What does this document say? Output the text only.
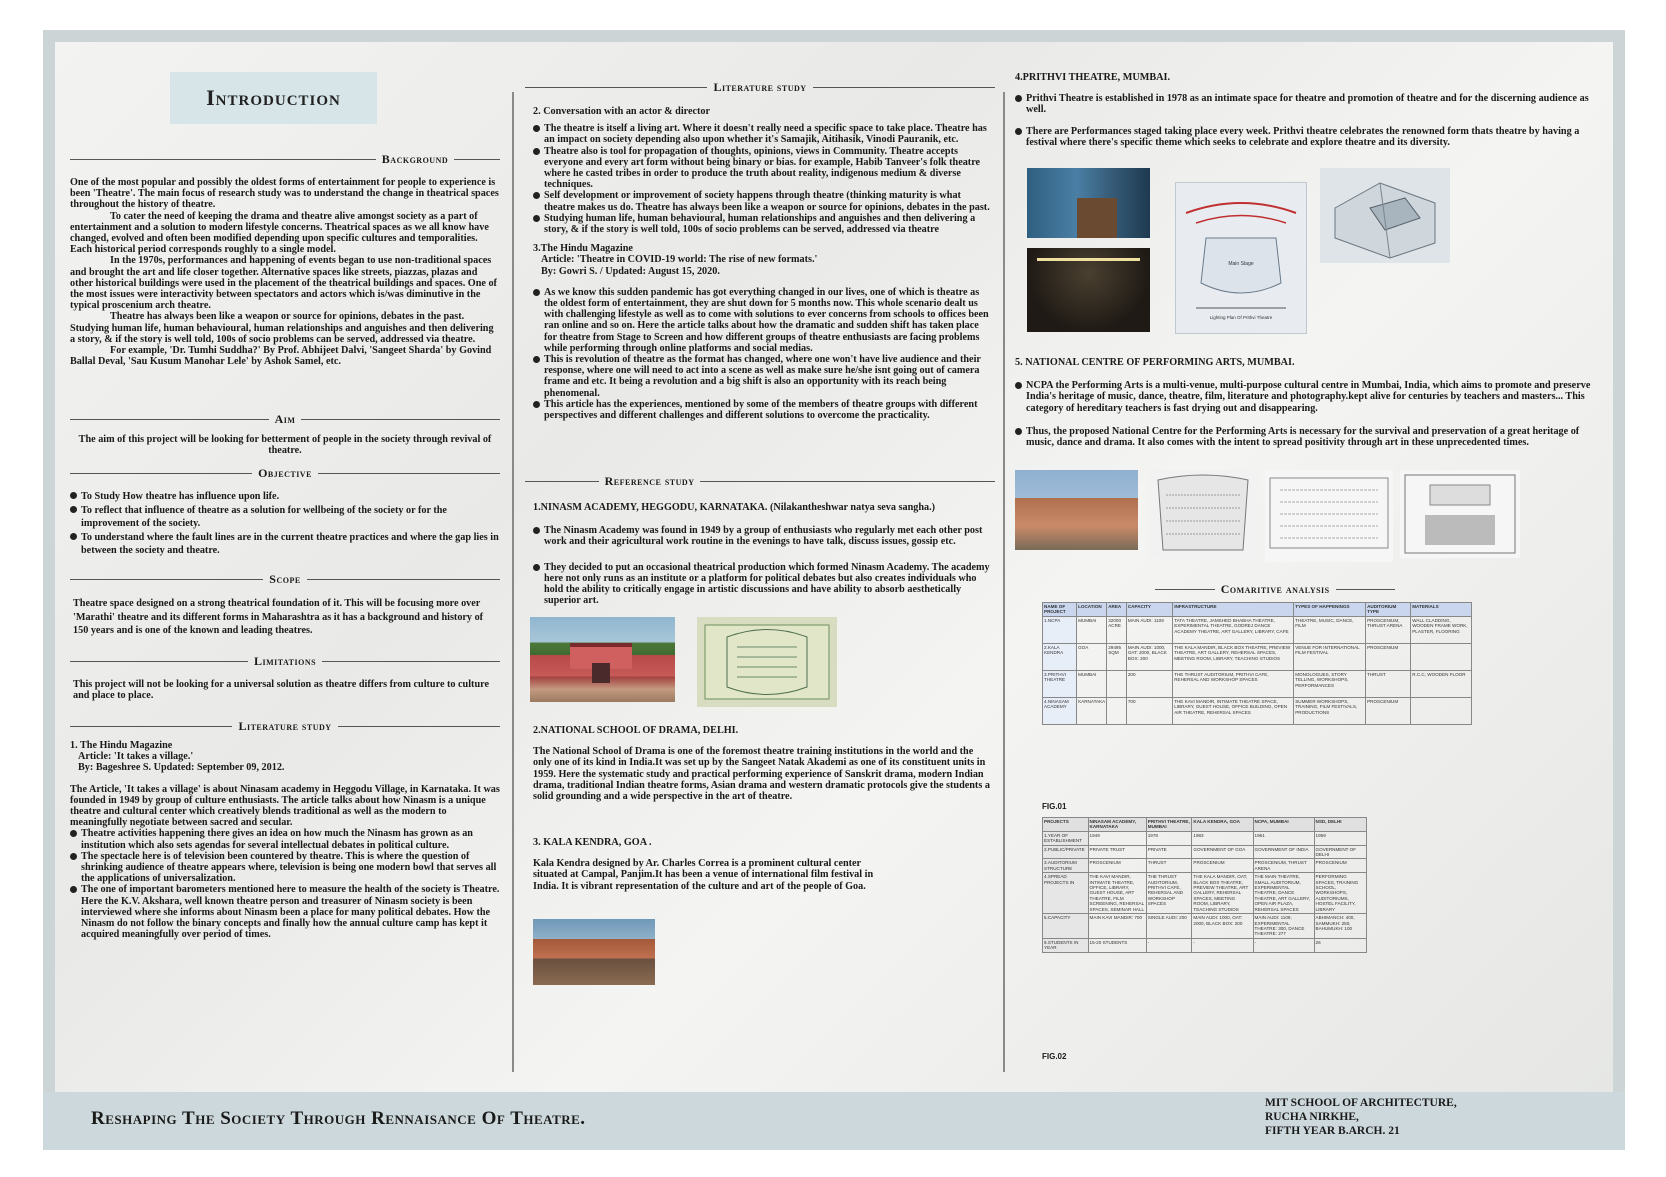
Introduction
Background

One of the most popular and possibly the oldest forms of entertainment for people to experience is been 'Theatre'. The main focus of research study was to understand the change in theatrical spaces throughout the history of theatre.

To cater the need of keeping the drama and theatre alive amongst society as a part of entertainment and a solution to modern lifestyle concerns. Theatrical spaces as we all know have changed, evolved and often been modified depending upon specific cultures and temporalities. Each historical period corresponds roughly to a single model.

In the 1970s, performances and happening of events began to use non-traditional spaces and brought the art and life closer together. Alternative spaces like streets, piazzas, plazas and other historical buildings were used in the placement of the theatrical buildings and spaces. One of the most issues were interactivity between spectators and actors which is/was diminutive in the typical proscenium arch theatre.

Theatre has always been like a weapon or source for opinions, debates in the past. Studying human life, human behavioural, human relationships and anguishes and then delivering a story, & if the story is well told, 100s of socio problems can be served, addressed via theatre.

For example, 'Dr. Tumhi Suddha?' By Prof. Abhijeet Dalvi, 'Sangeet Sharda' by Govind Ballal Deval, 'Sau Kusum Manohar Lele' by Ashok Samel, etc.

Aim
The aim of this project will be looking for betterment of people in the society through revival of theatre.
Objective
To Study How theatre has influence upon life.
To reflect that influence of theatre as a solution for wellbeing of the society or for the improvement of the society.
To understand where the fault lines are in the current theatre practices and where the gap lies in between the society and theatre.
Scope
Theatre space designed on a strong theatrical foundation of it. This will be focusing more over 'Marathi' theatre and its different forms in Maharashtra as it has a background and history of 150 years and is one of the known and leading theatres.
Limitations
This project will not be looking for a universal solution as theatre differs from culture to culture and place to place.
Literature study

1. The Hindu Magazine

Article: 'It takes a village.'

By: Bageshree S. Updated: September 09, 2012.

The Article, 'It takes a village' is about Ninasam academy in Heggodu Village, in Karnataka. It was founded in 1949 by group of culture enthusiasts. The article talks about how Ninasm is a unique theatre and cultural center which creatively blends traditional as well as the modern to meaningfully negotiate between sacred and secular.

Theatre activities happening there gives an idea on how much the Ninasm has grown as an institution which also sets agendas for several intellectual debates in political culture.
The spectacle here is of television been countered by theatre. This is where the question of shrinking audience of theatre appears where, television is being one modern bowl that serves all the applications of universalization.
The one of important barometers mentioned here to measure the health of the society is Theatre. Here the K.V. Akshara, well known theatre person and treasurer of Ninasm society is been interviewed where she informs about Ninasm been a place for many political debates. How the Ninasm do not follow the binary concepts and finally how the annual culture camp has kept it acquired meaningfully over period of times.
Literature study

2. Conversation with an actor & director

The theatre is itself a living art. Where it doesn't really need a specific space to take place. Theatre has an impact on society depending also upon whether it's Samajik, Aitihasik, Vinodi Pauranik, etc.
Theatre also is tool for propagation of thoughts, opinions, views in Community. Theatre accepts everyone and every art form without being binary or bias. for example, Habib Tanveer's folk theatre where he casted tribes in order to produce the truth about reality, indigenous medium & diverse techniques.
Self development or improvement of society happens through theatre (thinking maturity is what theatre makes us do. Theatre has always been like a weapon or source for opinions, debates in the past.
Studying human life, human behavioural, human relationships and anguishes and then delivering a story, & if the story is well told, 100s of socio problems can be served, addressed via theatre

3.The Hindu Magazine

Article: 'Theatre in COVID-19 world: The rise of new formats.'

By: Gowri S. / Updated: August 15, 2020.

As we know this sudden pandemic has got everything changed in our lives, one of which is theatre as the oldest form of entertainment, they are shut down for 5 months now. This whole scenario dealt us with challenging lifestyle as well as to come with solutions to ever concerns from schools to offices been ran online and so on. Here the article talks about how the dramatic and sudden shift has taken place for theatre from Stage to Screen and how different groups of theatre enthusiasts are facing problems while performing through online platforms and social medias.
This is revolution of theatre as the format has changed, where one won't have live audience and their response, where one will need to act into a scene as well as make sure he/she isnt going out of camera frame and etc. It being a revolution and a big shift is also an opportunity with its reach being phenomenal.
This article has the experiences, mentioned by some of the members of theatre groups with different perspectives and different challenges and different solutions to overcome the practicality.
Reference study

1.NINASM ACADEMY, HEGGODU, KARNATAKA. (Nilakantheshwar natya seva sangha.)

The Ninasm Academy was found in 1949 by a group of enthusiasts who regularly met each other post work and their agricultural work routine in the evenings to have talk, discuss issues, gossip etc.
They decided to put an occasional theatrical production which formed Ninasm Academy. The academy here not only runs as an institute or a platform for political debates but also creates individuals who hold the ability to critically engage in artistic discussions and have ability to absorb aesthetically superior art.

2.NATIONAL SCHOOL OF DRAMA, DELHI.

The National School of Drama is one of the foremost theatre training institutions in the world and the only one of its kind in India.It was set up by the Sangeet Natak Akademi as one of its constituent units in 1959. Here the systematic study and practical performing experience of Sanskrit drama, modern Indian drama, traditional Indian theatre forms, Asian drama and western dramatic protocols give the students a solid grounding and a wide perspective in the art of theatre.

3. KALA KENDRA, GOA .

Kala Kendra designed by Ar. Charles Correa is a prominent cultural center situated at Campal, Panjim.It has been a venue of international film festival in India. It is vibrant representation of the culture and art of the people of Goa.

4.PRITHVI THEATRE, MUMBAI.

Prithvi Theatre is established in 1978 as an intimate space for theatre and promotion of theatre and for the discerning audience as well.
There are Performances staged taking place every week. Prithvi theatre celebrates the renowned form thats theatre by having a festival where there's specific theme which seeks to celebrate and explore theatre and its diversity.
Main Stage
Lighting Plan Of Prithvi Theatre

5. NATIONAL CENTRE OF PERFORMING ARTS, MUMBAI.

NCPA the Performing Arts is a multi-venue, multi-purpose cultural centre in Mumbai, India, which aims to promote and preserve India's heritage of music, dance, theatre, film, literature and photography.kept alive for centuries by teachers and masters... This category of hereditary teachers is fast drying out and disappearing.
Thus, the proposed National Centre for the Performing Arts is necessary for the survival and preservation of a great heritage of music, dance and drama. It also comes with the intent to spread positivity through art in these unprecedented times.
Comaritive analysis
NAME OF PROJECT	LOCATION	AREA	CAPACITY	INFRASTRUCTURE	TYPES OF HAPPENINGS	AUDITORIUM TYPE	MATERIALS
1.NCPA	MUMBAI	32000 ACRE	MAIN AUDI: 1109	TATA THEATRE, JAMSHED BHABHA THEATRE, EXPERIMENTAL THEATRE, GODREJ DANCE ACADEMY THEATRE, ART GALLERY, LIBRARY, CAFE	THEATRE, MUSIC, DANCE, FILM	PROSCENIUM, THRUST ARENA	WALL CLADDING, WOODEN FRAME WORK, PLASTER, FLOORING
2.KALA KENDRA	GOA	29495 SQM	MAIN AUDI: 1000, OAT: 2000, BLACK BOX: 200	THE KALA MANDIR, BLACK BOX THEATRE, PREVIEW THEATRE, ART GALLERY, REHERSAL SPACES, MEETING ROOM, LIBRARY, TEACHING STUDIOS	VENUE FOR INTERNATIONAL FILM FESTIVAL	PROSCENIUM	
3.PRITHVI THEATRE	MUMBAI		200	THE THRUST AUDITORIUM, PRITHVI CAFE, REHERSAL AND WORKSHOP SPACES	MONOLOGUES, STORY TELLING, WORKSHOPS, PERFORMANCES	THRUST	R.C.C, WOODEN FLOOR
4.NINASAM ACADEMY	KARNATAKA		700	THE KAVI MANDIR, INTIMATE THEATRE SPACE, LIBRARY, GUEST HOUSE, OFFICE BUILDING, OPEN AIR THEATRE, REHERSAL SPACES	SUMMER WORKSHOPS, TRAINING, FILM FESTIVALS, PRODUCTIONS	PROSCENIUM	
FIG.01
PROJECTS	NINASAM ACADEMY, KARNATAKA	PRITHVI THEATRE, MUMBAI	KALA KENDRA, GOA	NCPA, MUMBAI	NSD, DELHI
1.YEAR OF ESTABLISHMENT	1949	1978	1983	1961	1959
2.PUBLIC/PRIVATE	PRIVATE TRUST	PRIVATE	GOVERNMENT OF GOA	GOVERNMENT OF INDIA	GOVERNMENT OF DELHI
3.AUDITORIUM STRUCTURE	PROSCENIUM	THRUST	PROSCENIUM	PROSCENIUM, THRUST ARENA	PROSCENIUM
4.SPREAD PROJECTS IN	THE KAVI MANDIR, INTIMATE THEATRE, OFFICE, LIBRARY, GUEST HOUSE, ART THEATRE, FILM SCREENING, REHERSAL SPACES, SEMINAR HALL	THE THRUST AUDITORIUM, PRITHVI CAFE, REHERSAL AND WORKSHOP SPACES	THE KALA MANDIR, OAT, BLACK BOX THEATRE, PREVIEW THEATRE, ART GALLERY, REHERSAL SPACES, MEETING ROOM, LIBRARY, TEACHING STUDIOS	THE MAIN THEATRE, SMALL AUDITORIUM, EXPERIMENTAL THEATRE, DANCE THEATRE, ART GALLERY, OPEN AIR PLAZA, REHERSAL SPACES	PERFORMING SPACES, TRAINING SCHOOL, WORKSHOPS, AUDITORIUMS, HOSTEL FACILITY, LIBRARY
5.CAPACITY	MAIN KAVI MANDIR: 700	SINGLE AUDI: 200	MAIN AUDI: 1000, OAT: 2000, BLACK BOX: 200	MAIN AUDI: 1109, EXPERIMENTAL THEATRE: 300, DANCE THEATRE: 277	ABHIMANCH: 400, SAMMUKH: 250, BAHUMUKH: 100
6.STUDENTS IN YEAR	15-20 STUDENTS	-	-	-	26
FIG.02
Reshaping The Society Through Rennaisance Of Theatre.
MIT SCHOOL OF ARCHITECTURE,
RUCHA NIRKHE,
FIFTH YEAR B.ARCH. 21
